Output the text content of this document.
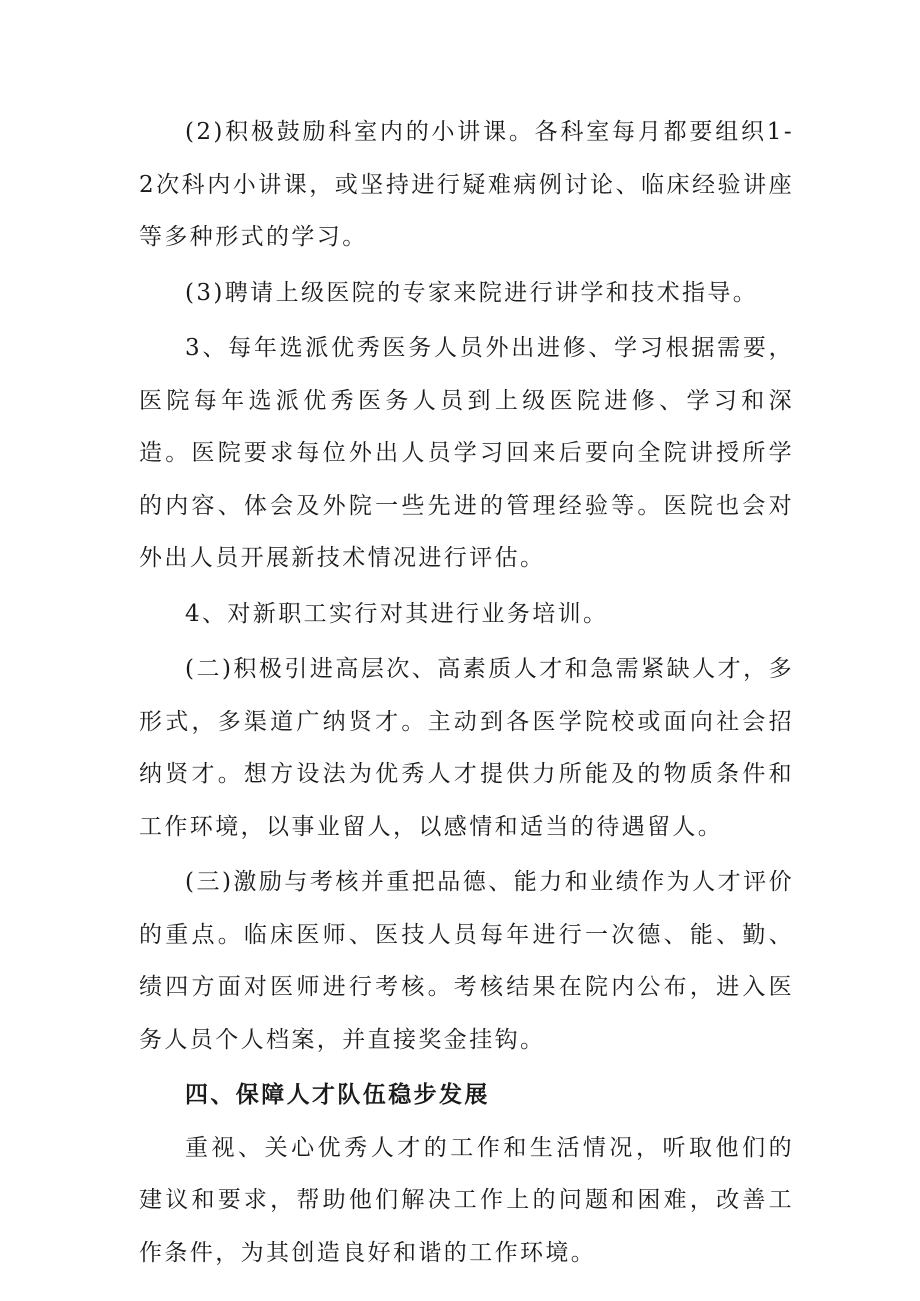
(2)积极鼓励科室内的小讲课。各科室每月都要组织1-2次科内小讲课，或坚持进行疑难病例讨论、临床经验讲座等多种形式的学习。

(3)聘请上级医院的专家来院进行讲学和技术指导。

3、每年选派优秀医务人员外出进修、学习根据需要，医院每年选派优秀医务人员到上级医院进修、学习和深造。医院要求每位外出人员学习回来后要向全院讲授所学的内容、体会及外院一些先进的管理经验等。医院也会对外出人员开展新技术情况进行评估。

4、对新职工实行对其进行业务培训。

(二)积极引进高层次、高素质人才和急需紧缺人才，多形式，多渠道广纳贤才。主动到各医学院校或面向社会招纳贤才。想方设法为优秀人才提供力所能及的物质条件和工作环境，以事业留人，以感情和适当的待遇留人。

(三)激励与考核并重把品德、能力和业绩作为人才评价的重点。临床医师、医技人员每年进行一次德、能、勤、绩四方面对医师进行考核。考核结果在院内公布，进入医务人员个人档案，并直接奖金挂钩。

四、保障人才队伍稳步发展

重视、关心优秀人才的工作和生活情况，听取他们的建议和要求，帮助他们解决工作上的问题和困难，改善工作条件，为其创造良好和谐的工作环境。
